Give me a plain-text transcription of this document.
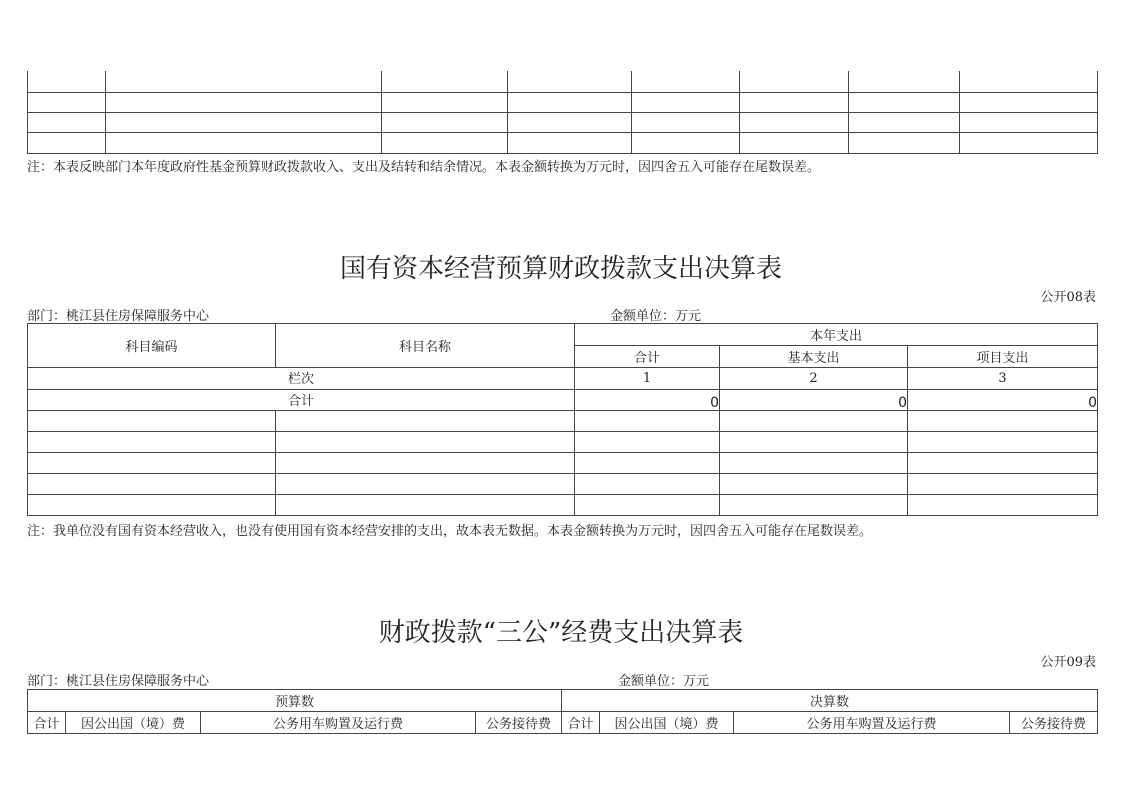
注：本表反映部门本年度政府性基金预算财政拨款收入、支出及结转和结余情况。本表金额转换为万元时，因四舍五入可能存在尾数误差。
国有资本经营预算财政拨款支出决算表
公开08表
部门：桃江县住房保障服务中心	金额单位：万元
科目编码	科目名称	本年支出		
		合计	基本支出	项目支出
栏次		1	2	3
合计		0	0	0

注：我单位没有国有资本经营收入，也没有使用国有资本经营安排的支出，故本表无数据。本表金额转换为万元时，因四舍五入可能存在尾数误差。
财政拨款“三公”经费支出决算表
公开09表
部门：桃江县住房保障服务中心	金额单位：万元
预算数				决算数			
合计	因公出国（境）费	公务用车购置及运行费	公务接待费	合计	因公出国（境）费	公务用车购置及运行费	公务接待费
